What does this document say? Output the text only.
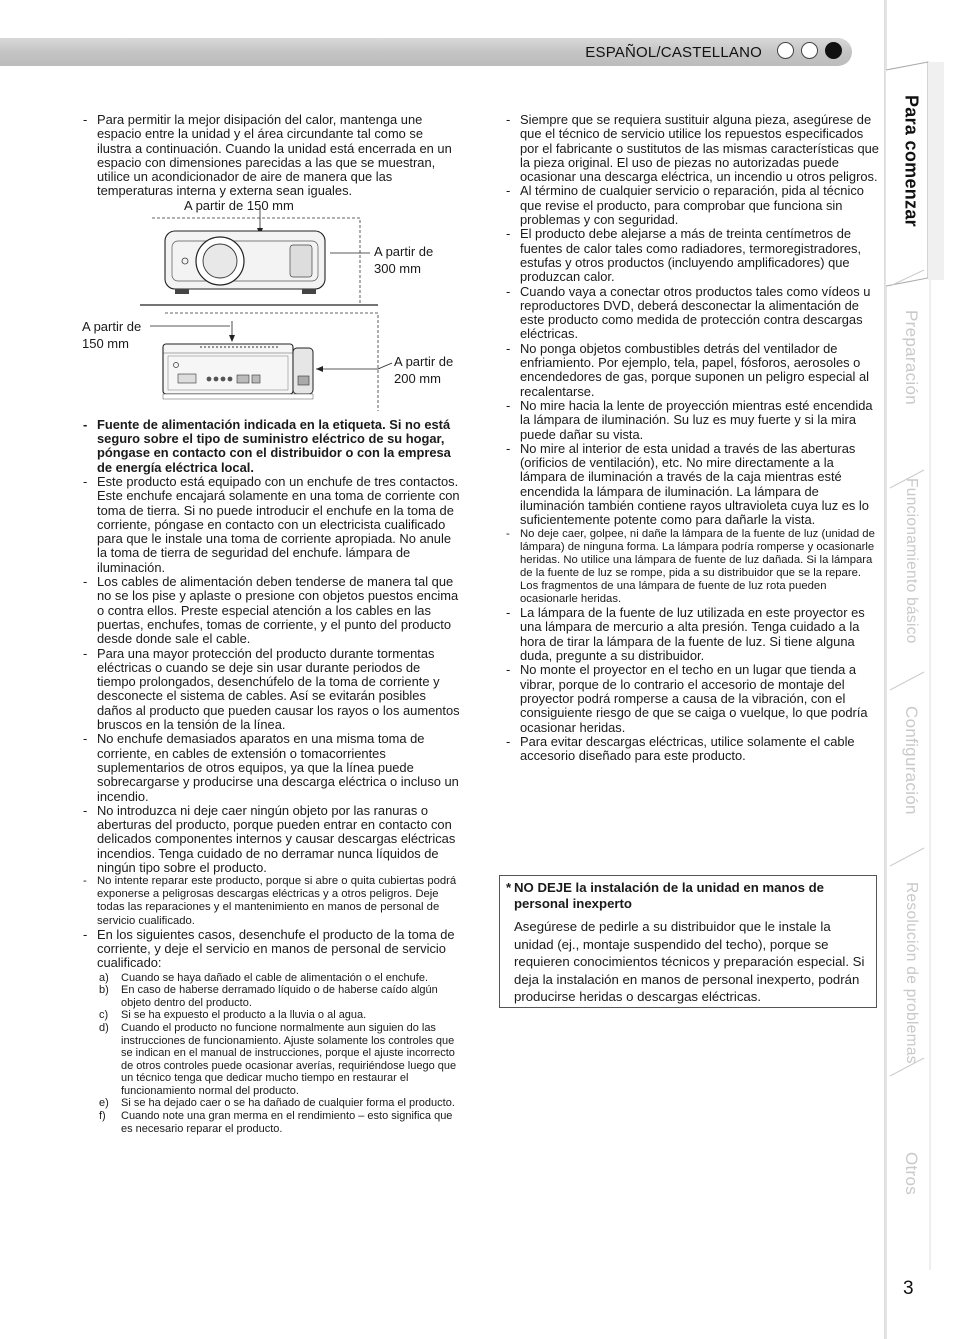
ESPAÑOL/CASTELLANO
- Para permitir la mejor disipación del calor, mantenga une espacio entre la unidad y el área circundante tal como se ilustra a continuación. Cuando la unidad está encerrada en un espacio con dimensiones parecidas a las que se muestran, utilice un acondicionador de aire de manera que las temperaturas interna y externa sean iguales.
A partir de 150 mm
A partir de
300 mm
A partir de
150 mm
A partir de
200 mm
- Fuente de alimentación indicada en la etiqueta. Si no está seguro sobre el tipo de suministro eléctrico de su hogar, póngase en contacto con el distribuidor o con la empresa de energía eléctrica local.
- Este producto está equipado con un enchufe de tres contactos. Este enchufe encajará solamente en una toma de corriente con toma de tierra. Si no puede introducir el enchufe en la toma de corriente, póngase en contacto con un electricista cualificado para que le instale una toma de corriente apropiada. No anule la toma de tierra de seguridad del enchufe. lámpara de iluminación.
- Los cables de alimentación deben tenderse de manera tal que no se los pise y aplaste o presione con objetos puestos encima o contra ellos. Preste especial atención a los cables en las puertas, enchufes, tomas de corriente, y el punto del producto desde donde sale el cable.
- Para una mayor protección del producto durante tormentas eléctricas o cuando se deje sin usar durante periodos de tiempo prolongados, desenchúfelo de la toma de corriente y desconecte el sistema de cables. Así se evitarán posibles daños al producto que pueden causar los rayos o los aumentos bruscos en la tensión de la línea.
- No enchufe demasiados aparatos en una misma toma de corriente, en cables de extensión o tomacorrientes suplementarios de otros equipos, ya que la línea puede sobrecargarse y producirse una descarga eléctrica o incluso un incendio.
- No introduzca ni deje caer ningún objeto por las ranuras o aberturas del producto, porque pueden entrar en contacto con delicados componentes internos y causar descargas eléctricas incendios. Tenga cuidado de no derramar nunca líquidos de ningún tipo sobre el producto.
- No intente reparar este producto, porque si abre o quita cubiertas podrá exponerse a peligrosas descargas eléctricas y a otros peligros. Deje todas las reparaciones y el mantenimiento en manos de personal de servicio cualificado.
- En los siguientes casos, desenchufe el producto de la toma de corriente, y deje el servicio en manos de personal de servicio cualificado:
a) Cuando se haya dañado el cable de alimentación o el enchufe.
b) En caso de haberse derramado líquido o de haberse caído algún objeto dentro del producto.
c) Si se ha expuesto el producto a la lluvia o al agua.
d) Cuando el producto no funcione normalmente aun siguien do las instrucciones de funcionamiento. Ajuste solamente los controles que se indican en el manual de instrucciones, porque el ajuste incorrecto de otros controles puede ocasionar averías, requiriéndose luego que un técnico tenga que dedicar mucho tiempo en restaurar el funcionamiento normal del producto.
e) Si se ha dejado caer o se ha dañado de cualquier forma el producto.
f) Cuando note una gran merma en el rendimiento – esto significa que es necesario reparar el producto.
- Siempre que se requiera sustituir alguna pieza, asegúrese de que el técnico de servicio utilice los repuestos especificados por el fabricante o sustitutos de las mismas características que la pieza original. El uso de piezas no autorizadas puede ocasionar una descarga eléctrica, un incendio u otros peligros.
- Al término de cualquier servicio o reparación, pida al técnico que revise el producto, para comprobar que funciona sin problemas y con seguridad.
- El producto debe alejarse a más de treinta centímetros de fuentes de calor tales como radiadores, termoregistradores, estufas y otros productos (incluyendo amplificadores) que produzcan calor.
- Cuando vaya a conectar otros productos tales como vídeos u reproductores DVD, deberá desconectar la alimentación de este producto como medida de protección contra descargas eléctricas.
- No ponga objetos combustibles detrás del ventilador de enfriamiento. Por ejemplo, tela, papel, fósforos, aerosoles o encendedores de gas, porque suponen un peligro especial al recalentarse.
- No mire hacia la lente de proyección mientras esté encendida la lámpara de iluminación. Su luz es muy fuerte y si la mira puede dañar su vista.
- No mire al interior de esta unidad a través de las aberturas (orificios de ventilación), etc. No mire directamente a la lámpara de iluminación a través de la caja mientras esté encendida la lámpara de iluminación. La lámpara de iluminación también contiene rayos ultravioleta cuya luz es lo suficientemente potente como para dañarle la vista.
- No deje caer, golpee, ni dañe la lámpara de la fuente de luz (unidad de lámpara) de ninguna forma. La lámpara podría romperse y ocasionarle heridas. No utilice una lámpara de fuente de luz dañada. Si la lámpara de la fuente de luz se rompe, pida a su distribuidor que se la repare. Los fragmentos de una lámpara de fuente de luz rota pueden ocasionarle heridas.
- La lámpara de la fuente de luz utilizada en este proyector es una lámpara de mercurio a alta presión. Tenga cuidado a la hora de tirar la lámpara de la fuente de luz. Si tiene alguna duda, pregunte a su distribuidor.
- No monte el proyector en el techo en un lugar que tienda a vibrar, porque de lo contrario el accesorio de montaje del proyector podrá romperse a causa de la vibración, con el consiguiente riesgo de que se caiga o vuelque, lo que podría ocasionar heridas.
- Para evitar descargas eléctricas, utilice solamente el cable accesorio diseñado para este producto.
* NO DEJE la instalación de la unidad en manos de personal inexperto
Asegúrese de pedirle a su distribuidor que le instale la unidad (ej., montaje suspendido del techo), porque se requieren conocimientos técnicos y preparación especial. Si deja la instalación en manos de personal inexperto, podrán producirse heridas o descargas eléctricas.
Para comenzar
Preparación
Funcionamiento básico
Configuración
Resolución de problemas
Otros
3
